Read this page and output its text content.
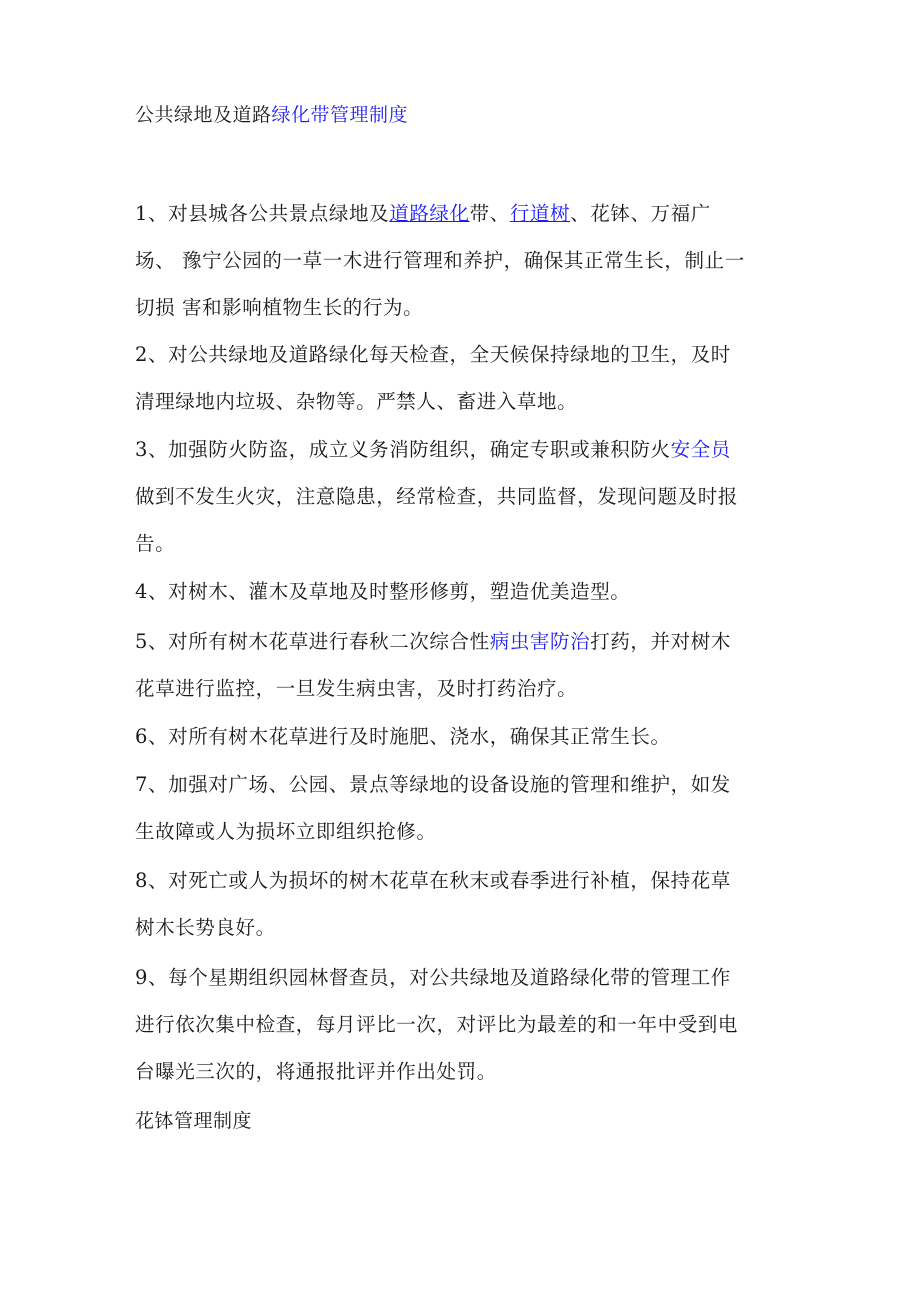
公共绿地及道路绿化带管理制度
1、对县城各公共景点绿地及道路绿化带、行道树、花钵、万福广
场、 豫宁公园的一草一木进行管理和养护，确保其正常生长，制止一
切损 害和影响植物生长的行为。
2、对公共绿地及道路绿化每天检查，全天候保持绿地的卫生，及时
清理绿地内垃圾、杂物等。严禁人、畜进入草地。
3、加强防火防盗，成立义务消防组织，确定专职或兼积防火安全员
做到不发生火灾，注意隐患，经常检查，共同监督，发现问题及时报
告。
4、对树木、灌木及草地及时整形修剪，塑造优美造型。
5、对所有树木花草进行春秋二次综合性病虫害防治打药，并对树木
花草进行监控，一旦发生病虫害，及时打药治疗。
6、对所有树木花草进行及时施肥、浇水，确保其正常生长。
7、加强对广场、公园、景点等绿地的设备设施的管理和维护，如发
生故障或人为损坏立即组织抢修。
8、对死亡或人为损坏的树木花草在秋末或春季进行补植，保持花草
树木长势良好。
9、每个星期组织园林督查员，对公共绿地及道路绿化带的管理工作
进行依次集中检查，每月评比一次，对评比为最差的和一年中受到电
台曝光三次的，将通报批评并作出处罚。
花钵管理制度
